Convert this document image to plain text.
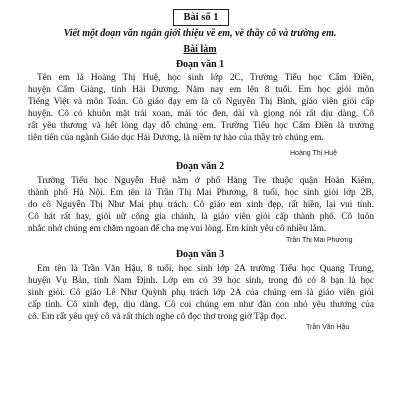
Bài số 1
Viết một đoạn văn ngắn giới thiệu về em, về thầy cô và trường em.
Bài làm
Đoạn văn 1
Tên em là Hoàng Thị Huệ, học sinh lớp 2C, Trường Tiểu học Cẩm Điền,
huyện Cẩm Giàng, tỉnh Hải Dương. Năm nay em lên 8 tuổi. Em học giỏi môn
Tiếng Việt và môn Toán. Cô giáo dạy em là cô Nguyễn Thị Bình, giáo viên giỏi cấp
huyện. Cô có khuôn mặt trái xoan, mái tóc đen, dài và giọng nói rất dịu dàng. Cô
rất yêu thương và hết lòng dạy dỗ chúng em. Trường Tiểu học Cẩm Điền là trường
tiên tiến của ngành Giáo dục Hải Dương, là niềm tự hào của thầy trò chúng em.
Hoàng Thị Huệ
Đoạn văn 2
Trường Tiểu học Nguyễn Huệ nằm ở phố Hàng Tre thuộc quận Hoàn Kiếm,
thành phố Hà Nội. Em tên là Trần Thị Mai Phương, 8 tuổi, học sinh giỏi lớp 2B,
do cô Nguyễn Thị Như Mai phụ trách. Cô giáo em xinh đẹp, rất hiền, lại vui tính.
Cô hát rất hay, giỏi nữ công gia chánh, là giáo viên giỏi cấp thành phố. Cô luôn
nhắc nhở chúng em chăm ngoan để cha mẹ vui lòng. Em kính yêu cô nhiều lắm.
Trần Thị Mai Phương
Đoạn văn 3
Em tên là Trần Văn Hậu, 8 tuổi, học sinh lớp 2A trường Tiểu học Quang Trung,
huyện Vụ Bản, tỉnh Nam Định. Lớp em có 39 học sinh, trong đó có 8 bạn là học
sinh giỏi. Cô giáo Lê Như Quỳnh phụ trách lớp 2A của chúng em là giáo viên giỏi
cấp tỉnh. Cô xinh đẹp, dịu dàng. Cô coi chúng em như đàn con nhỏ yêu thương của
cô. Em rất yêu quý cô và rất thích nghe cô đọc thơ trong giờ Tập đọc.
Trần Văn Hậu
